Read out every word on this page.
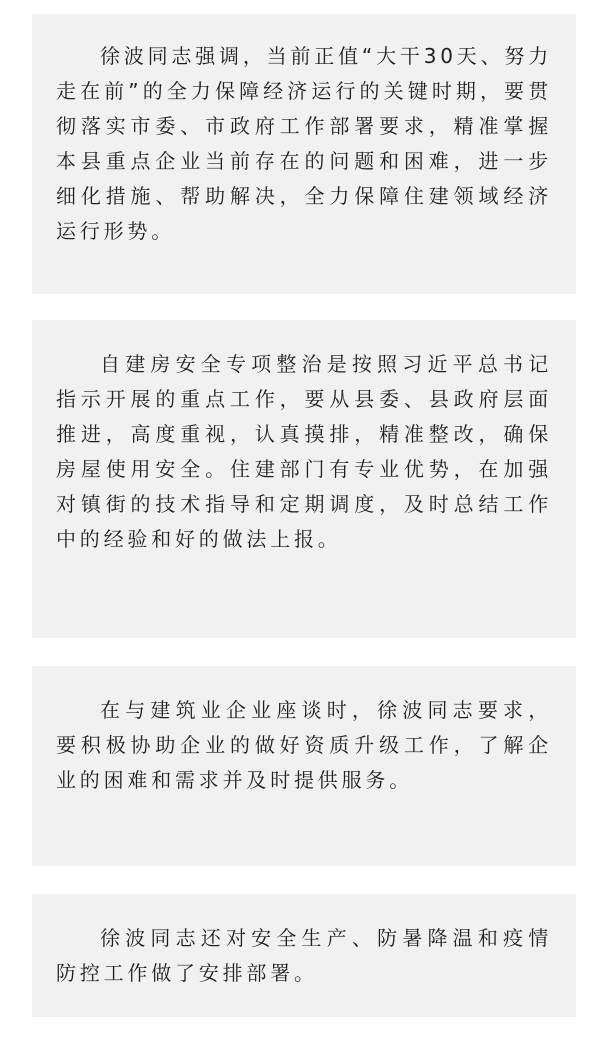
徐波同志强调，当前正值“大干30天、努力走在前”的全力保障经济运行的关键时期，要贯彻落实市委、市政府工作部署要求，精准掌握本县重点企业当前存在的问题和困难，进一步细化措施、帮助解决，全力保障住建领域经济运行形势。

自建房安全专项整治是按照习近平总书记指示开展的重点工作，要从县委、县政府层面推进，高度重视，认真摸排，精准整改，确保房屋使用安全。住建部门有专业优势，在加强对镇街的技术指导和定期调度，及时总结工作中的经验和好的做法上报。

在与建筑业企业座谈时，徐波同志要求，要积极协助企业的做好资质升级工作，了解企业的困难和需求并及时提供服务。

徐波同志还对安全生产、防暑降温和疫情防控工作做了安排部署。
